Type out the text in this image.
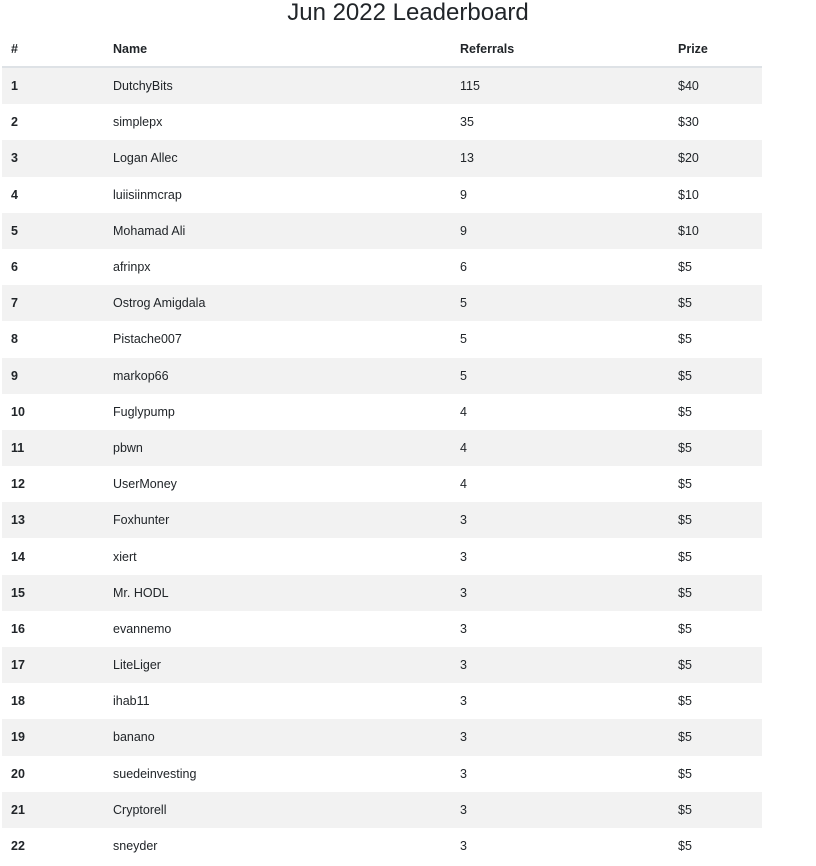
Jun 2022 Leaderboard
#	Name	Referrals	Prize
1	DutchyBits	115	$40
2	simplepx	35	$30
3	Logan Allec	13	$20
4	luiisiinmcrap	9	$10
5	Mohamad Ali	9	$10
6	afrinpx	6	$5
7	Ostrog Amigdala	5	$5
8	Pistache007	5	$5
9	markop66	5	$5
10	Fuglypump	4	$5
11	pbwn	4	$5
12	UserMoney	4	$5
13	Foxhunter	3	$5
14	xiert	3	$5
15	Mr. HODL	3	$5
16	evannemo	3	$5
17	LiteLiger	3	$5
18	ihab11	3	$5
19	banano	3	$5
20	suedeinvesting	3	$5
21	Cryptorell	3	$5
22	sneyder	3	$5
